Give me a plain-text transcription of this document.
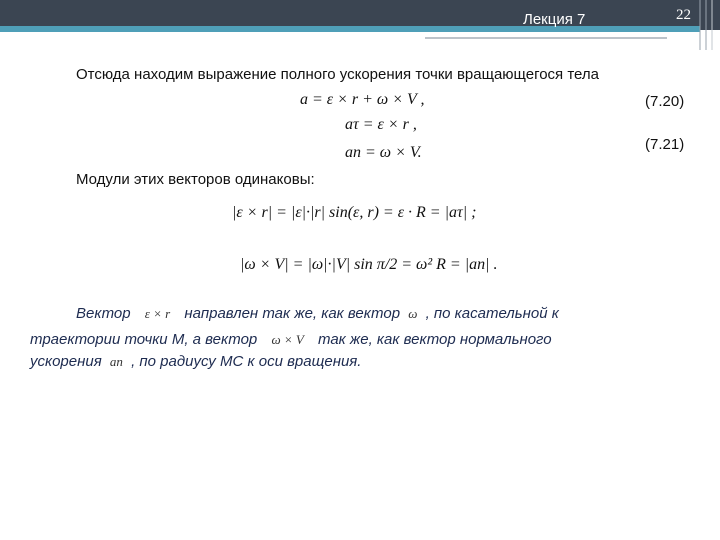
Лекция 7	22
Отсюда находим выражение полного ускорения точки вращающегося тела
a = ε × r + ω × V ,	(7.20)
aτ = ε × r ,
an = ω × V.	(7.21)
Модули этих векторов одинаковы:
|ε × r| = |ε|·|r| sin(ε, r) = ε · R = |aτ| ;
|ω × V| = |ω|·|V| sin π/2 = ω² R = |an| .
Вектор ε × r направлен так же, как вектор ω , по касательной к
траектории точки М, а вектор ω × V так же, как вектор нормального
ускорения an , по радиусу МС к оси вращения.
